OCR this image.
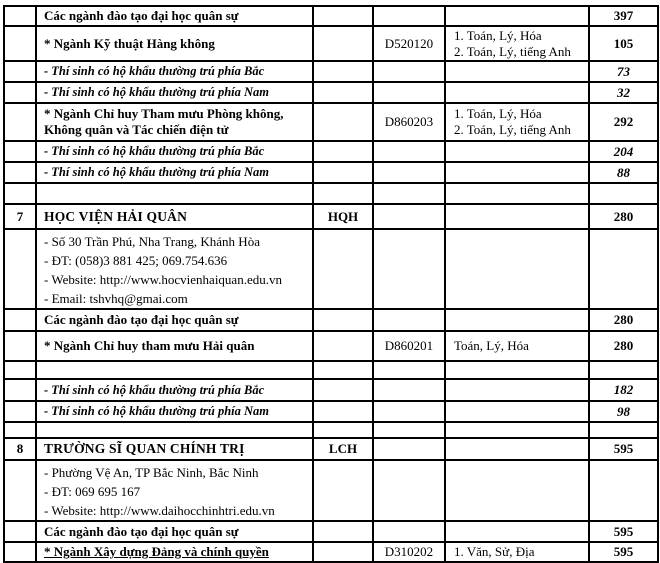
	Các ngành đào tạo đại học quân sự				397

	* Ngành Kỹ thuật Hàng không		D520120	1. Toán, Lý, Hóa
2. Toán, Lý, tiếng Anh	105

	- Thí sinh có hộ khẩu thường trú phía Bắc				73

	- Thí sinh có hộ khẩu thường trú phía Nam				32

	* Ngành Chỉ huy Tham mưu Phòng không, Không quân và Tác chiến điện tử		D860203	1. Toán, Lý, Hóa
2. Toán, Lý, tiếng Anh	292

	- Thí sinh có hộ khẩu thường trú phía Bắc				204

	- Thí sinh có hộ khẩu thường trú phía Nam				88

7	HỌC VIỆN HẢI QUÂN	HQH			280

	- Số 30 Trần Phú, Nha Trang, Khánh Hòa
- ĐT: (058)3 881 425; 069.754.636
- Website: http://www.hocvienhaiquan.edu.vn
- Email: tshvhq@gmai.com				

	Các ngành đào tạo đại học quân sự				280

	* Ngành Chỉ huy tham mưu Hải quân		D860201	Toán, Lý, Hóa	280

	- Thí sinh có hộ khẩu thường trú phía Bắc				182

	- Thí sinh có hộ khẩu thường trú phía Nam				98

8	TRƯỜNG SĨ QUAN CHÍNH TRỊ	LCH			595

	- Phường Vệ An, TP Bắc Ninh, Bắc Ninh
- ĐT: 069 695 167
- Website: http://www.daihocchinhtri.edu.vn				

	Các ngành đào tạo đại học quân sự				595

	* Ngành Xây dựng Đảng và chính quyền		D310202	1. Văn, Sử, Địa	595
